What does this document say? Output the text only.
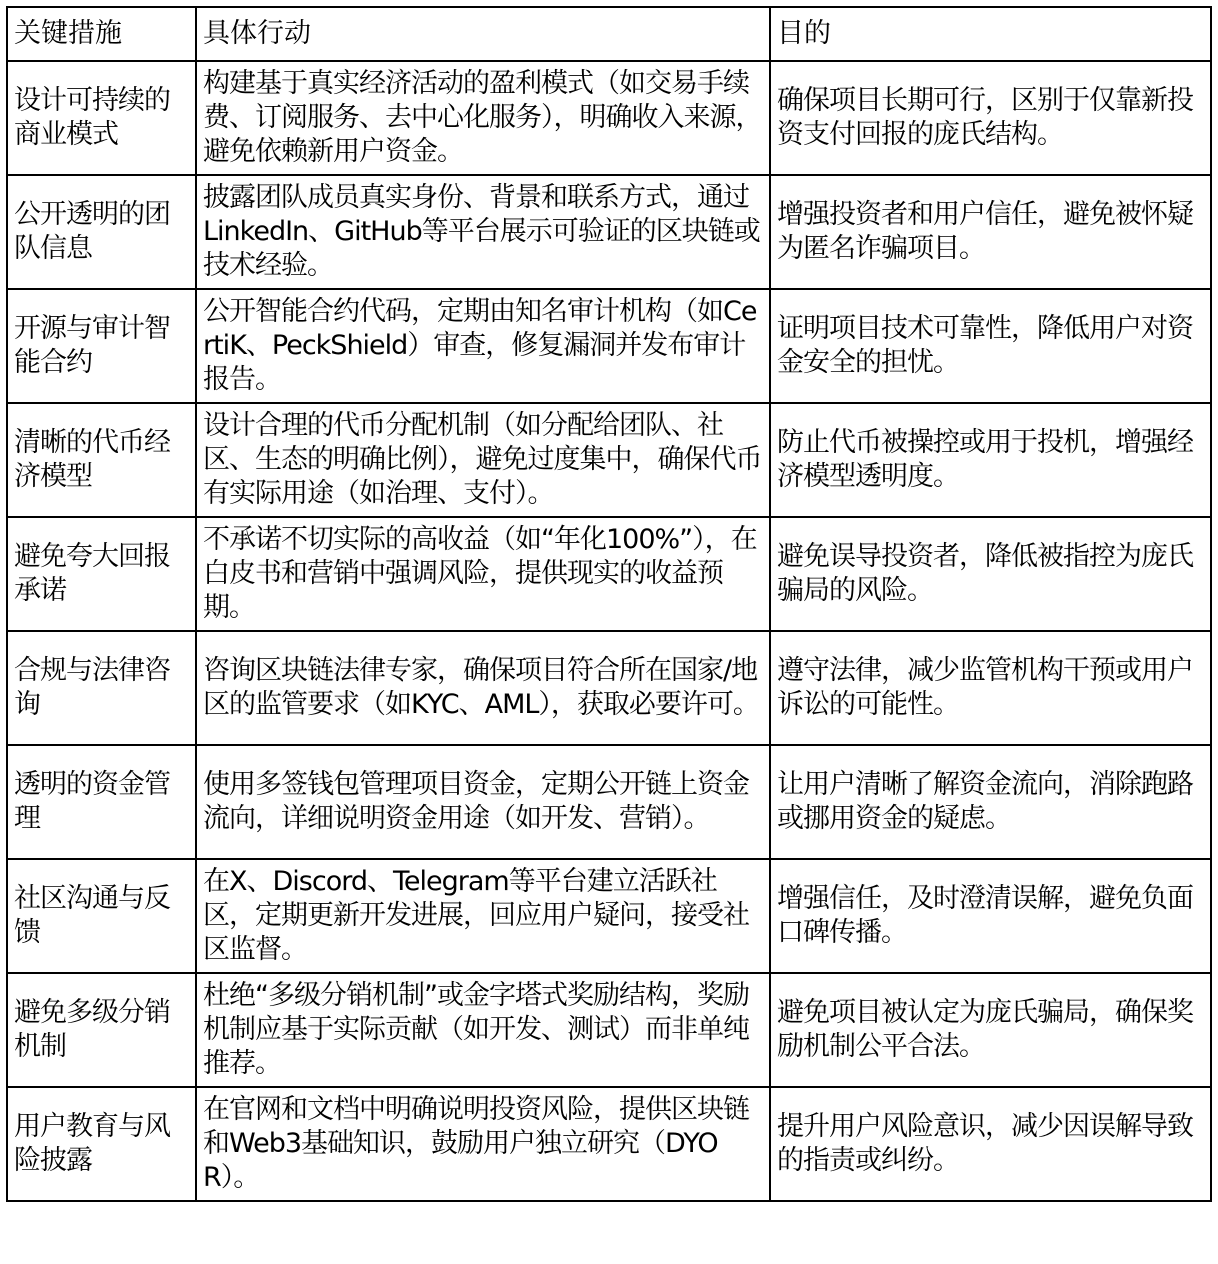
关键措施	具体行动	目的
设计可持续的商业模式	构建基于真实经济活动的盈利模式（如交易手续费、订阅服务、去中心化服务），明确收入来源，避免依赖新用户资金。	确保项目长期可行，区别于仅靠新投资支付回报的庞氏结构。
公开透明的团队信息	披露团队成员真实身份、背景和联系方式，通过LinkedIn、GitHub等平台展示可验证的区块链或技术经验。	增强投资者和用户信任，避免被怀疑为匿名诈骗项目。
开源与审计智能合约	公开智能合约代码，定期由知名审计机构（如CertiK、PeckShield）审查，修复漏洞并发布审计报告。	证明项目技术可靠性，降低用户对资金安全的担忧。
清晰的代币经济模型	设计合理的代币分配机制（如分配给团队、社区、生态的明确比例），避免过度集中，确保代币有实际用途（如治理、支付）。	防止代币被操控或用于投机，增强经济模型透明度。
避免夸大回报承诺	不承诺不切实际的高收益（如“年化100%”），在白皮书和营销中强调风险，提供现实的收益预期。	避免误导投资者，降低被指控为庞氏骗局的风险。
合规与法律咨询	咨询区块链法律专家，确保项目符合所在国家/地区的监管要求（如KYC、AML），获取必要许可。	遵守法律，减少监管机构干预或用户诉讼的可能性。
透明的资金管理	使用多签钱包管理项目资金，定期公开链上资金流向，详细说明资金用途（如开发、营销）。	让用户清晰了解资金流向，消除跑路或挪用资金的疑虑。
社区沟通与反馈	在X、Discord、Telegram等平台建立活跃社区，定期更新开发进展，回应用户疑问，接受社区监督。	增强信任，及时澄清误解，避免负面口碑传播。
避免多级分销机制	杜绝“多级分销机制”或金字塔式奖励结构，奖励机制应基于实际贡献（如开发、测试）而非单纯推荐。	避免项目被认定为庞氏骗局，确保奖励机制公平合法。
用户教育与风险披露	在官网和文档中明确说明投资风险，提供区块链和Web3基础知识，鼓励用户独立研究（DYOR）。	提升用户风险意识，减少因误解导致的指责或纠纷。
